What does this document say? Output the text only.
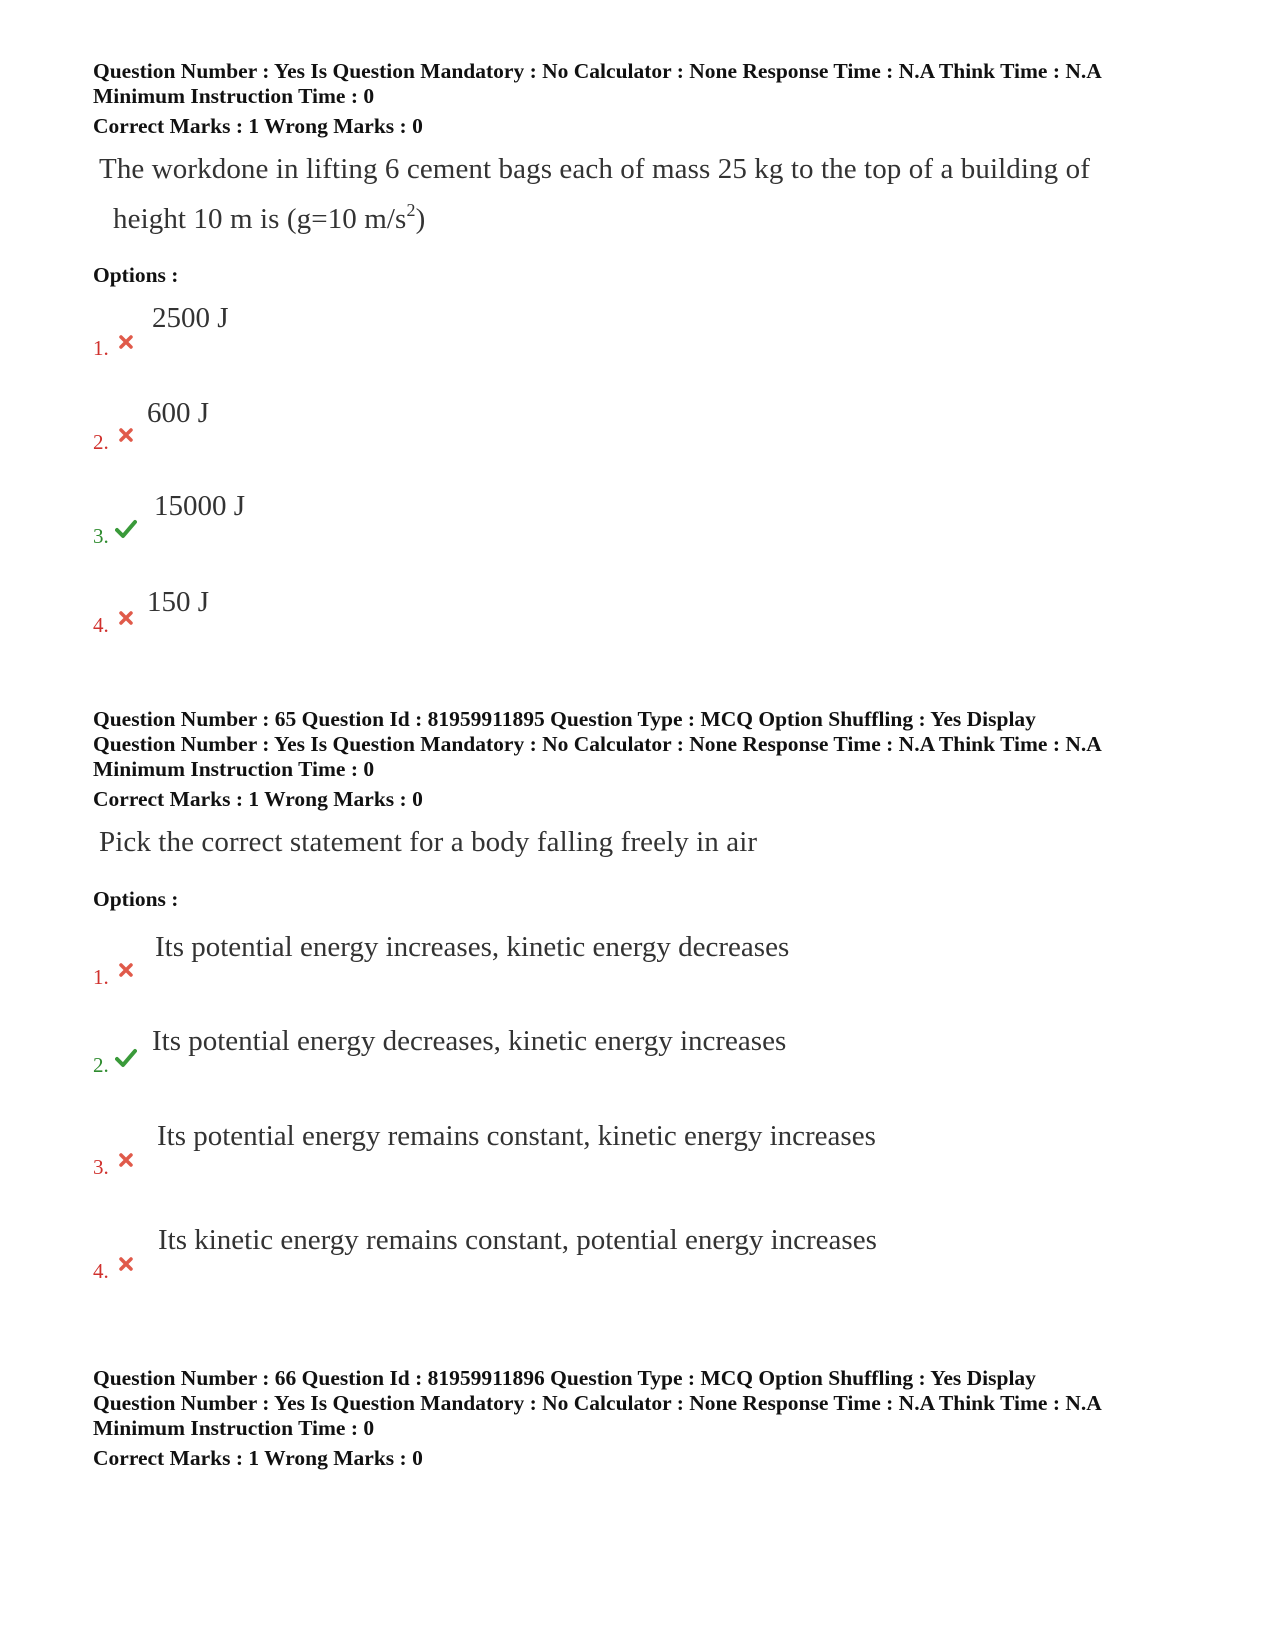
Question Number : Yes Is Question Mandatory : No Calculator : None Response Time : N.A Think Time : N.A
Minimum Instruction Time : 0
Correct Marks : 1 Wrong Marks : 0
The workdone in lifting 6 cement bags each of mass 25 kg to the top of a building of
height 10 m is (g=10 $m/s^2$)
Options :
1.
2500 J
2.
600 J
3.
15000 J
4.
150 J
Question Number : 65 Question Id : 81959911895 Question Type : MCQ Option Shuffling : Yes Display
Question Number : Yes Is Question Mandatory : No Calculator : None Response Time : N.A Think Time : N.A
Minimum Instruction Time : 0
Correct Marks : 1 Wrong Marks : 0
Pick the correct statement for a body falling freely in air
Options :
1.
Its potential energy increases, kinetic energy decreases
2.
Its potential energy decreases, kinetic energy increases
3.
Its potential energy remains constant, kinetic energy increases
4.
Its kinetic energy remains constant, potential energy increases
Question Number : 66 Question Id : 81959911896 Question Type : MCQ Option Shuffling : Yes Display
Question Number : Yes Is Question Mandatory : No Calculator : None Response Time : N.A Think Time : N.A
Minimum Instruction Time : 0
Correct Marks : 1 Wrong Marks : 0
